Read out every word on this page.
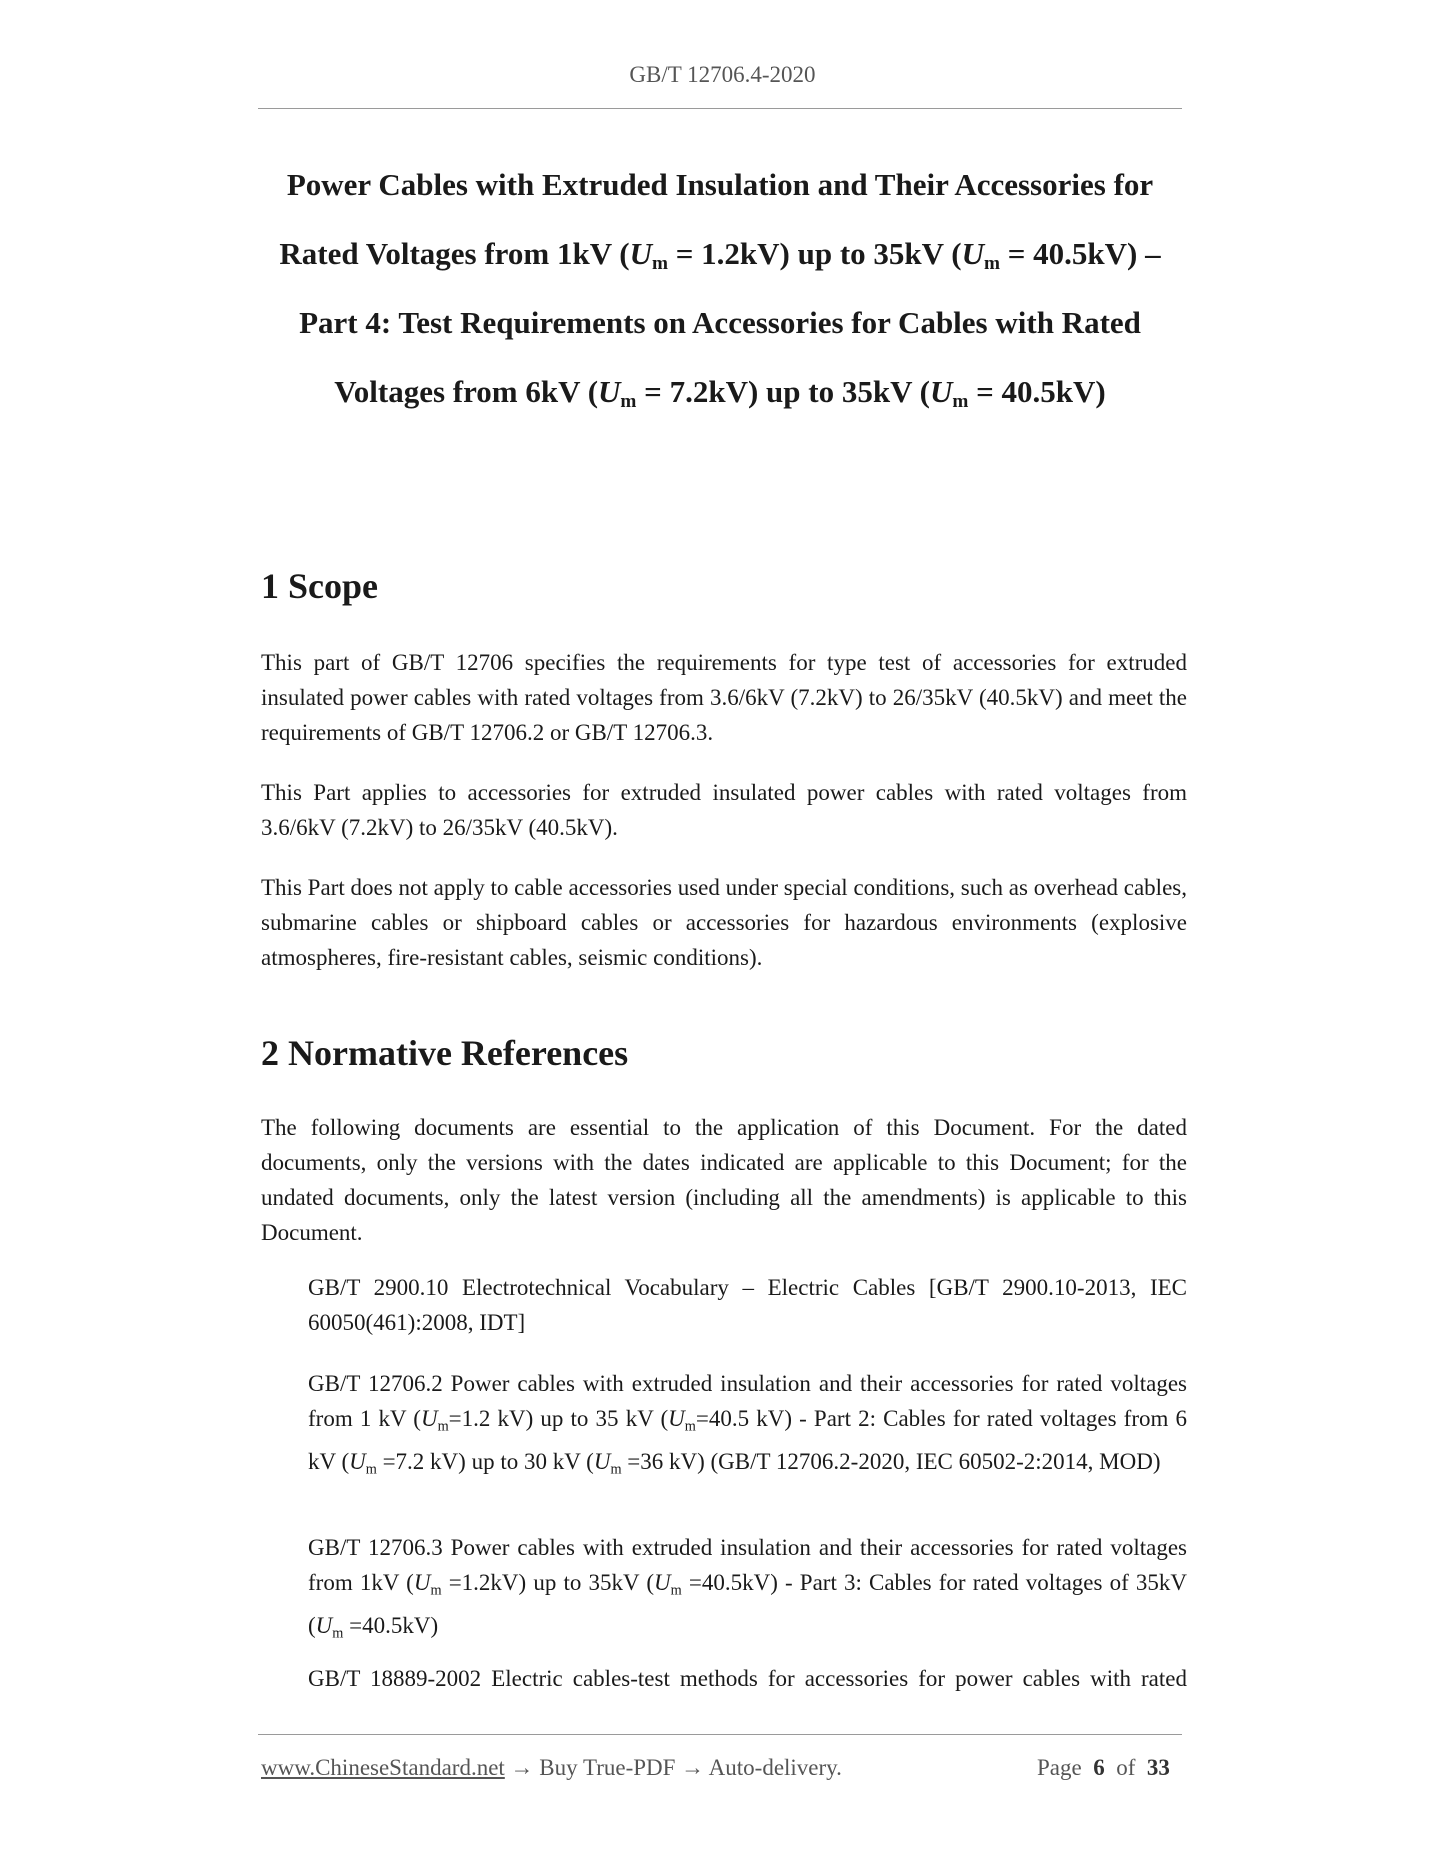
GB/T 12706.4-2020
Power Cables with Extruded Insulation and Their Accessories for
Rated Voltages from 1kV $(U_m = 1.2kV)$ up to 35kV $(U_m = 40.5kV)$ –
Part 4: Test Requirements on Accessories for Cables with Rated
Voltages from 6kV $(U_m = 7.2kV)$ up to 35kV $(U_m = 40.5kV)$
1 Scope

This part of GB/T 12706 specifies the requirements for type test of accessories for extruded insulated power cables with rated voltages from 3.6/6kV (7.2kV) to 26/35kV (40.5kV) and meet the requirements of GB/T 12706.2 or GB/T 12706.3.

This Part applies to accessories for extruded insulated power cables with rated voltages from 3.6/6kV (7.2kV) to 26/35kV (40.5kV).

This Part does not apply to cable accessories used under special conditions, such as overhead cables, submarine cables or shipboard cables or accessories for hazardous environments (explosive atmospheres, fire-resistant cables, seismic conditions).

2 Normative References

The following documents are essential to the application of this Document. For the dated documents, only the versions with the dates indicated are applicable to this Document; for the undated documents, only the latest version (including all the amendments) is applicable to this Document.

GB/T 2900.10 Electrotechnical Vocabulary – Electric Cables [GB/T 2900.10-2013, IEC 60050(461):2008, IDT]

GB/T 12706.2 Power cables with extruded insulation and their accessories for rated voltages from 1 kV ($U_m=1.2$ kV) up to 35 kV ($U_m=40.5$ kV) - Part 2: Cables for rated voltages from 6 kV ($U_m =7.2$ kV) up to 30 kV ($U_m =36$ kV) (GB/T 12706.2-2020, IEC 60502-2:2014, MOD)

GB/T 12706.3 Power cables with extruded insulation and their accessories for rated voltages from 1kV $(U_m =1.2kV)$ up to 35kV $(U_m =40.5kV)$ - Part 3: Cables for rated voltages of 35kV $(U_m =40.5kV)$

GB/T 18889-2002 Electric cables-test methods for accessories for power cables with rated

www.ChineseStandard.net → Buy True-PDF → Auto-delivery.	Page 6 of 33
